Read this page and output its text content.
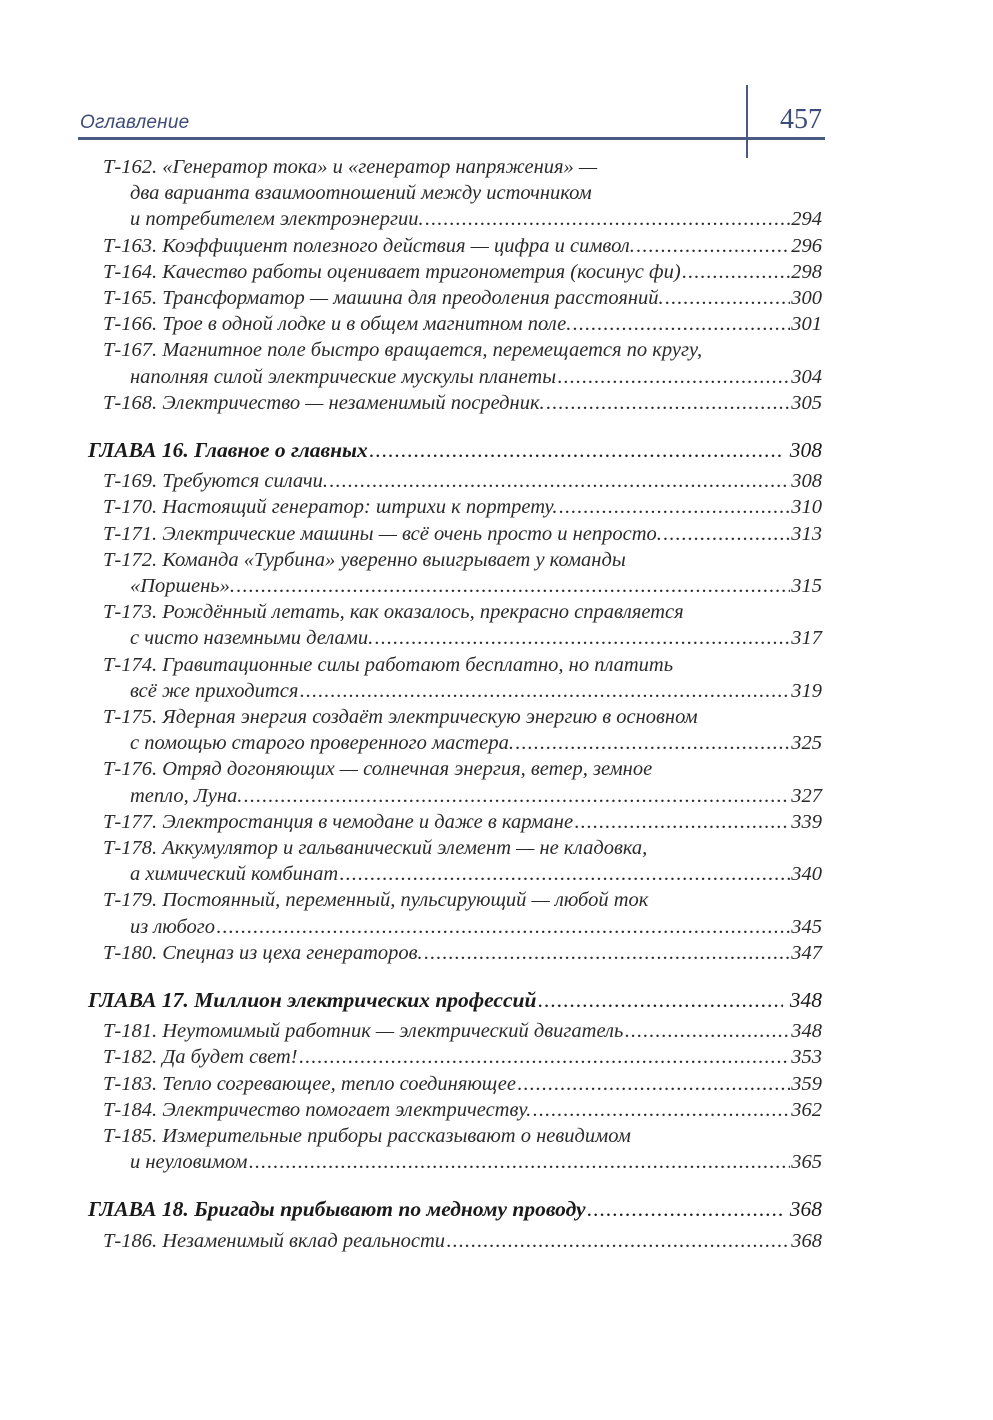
Оглавление	457
Т-162. «Генератор тока» и «генератор напряжения» —
два варианта взаимоотношений между источником
и потребителем электроэнергии. .....	294
Т-163. Коэффициент полезного действия — цифра и символ. .....	296
Т-164. Качество работы оценивает тригонометрия (косинус фи) .....	298
Т-165. Трансформатор — машина для преодоления расстояний. .....	300
Т-166. Трое в одной лодке и в общем магнитном поле. .....	301
Т-167. Магнитное поле быстро вращается, перемещается по кругу,
наполняя силой электрические мускулы планеты .....	304
Т-168. Электричество — незаменимый посредник. .....	305
ГЛАВА 16. Главное о главных .....	308
Т-169. Требуются силачи. .....	308
Т-170. Настоящий генератор: штрихи к портрету. .....	310
Т-171. Электрические машины — всё очень просто и непросто. .....	313
Т-172. Команда «Турбина» уверенно выигрывает у команды
«Поршень». .....	315
Т-173. Рождённый летать, как оказалось, прекрасно справляется
с чисто наземными делами. .....	317
Т-174. Гравитационные силы работают бесплатно, но платить
всё же приходится .....	319
Т-175. Ядерная энергия создаёт электрическую энергию в основном
с помощью старого проверенного мастера. .....	325
Т-176. Отряд догоняющих — солнечная энергия, ветер, земное
тепло, Луна. .....	327
Т-177. Электростанция в чемодане и даже в кармане .....	339
Т-178. Аккумулятор и гальванический элемент — не кладовка,
а химический комбинат .....	340
Т-179. Постоянный, переменный, пульсирующий — любой ток
из любого .....	345
Т-180. Спецназ из цеха генераторов. .....	347
ГЛАВА 17. Миллион электрических профессий .....	348
Т-181. Неутомимый работник — электрический двигатель .....	348
Т-182. Да будет свет! .....	353
Т-183. Тепло согревающее, тепло соединяющее .....	359
Т-184. Электричество помогает электричеству. .....	362
Т-185. Измерительные приборы рассказывают о невидимом
и неуловимом .....	365
ГЛАВА 18. Бригады прибывают по медному проводу .....	368
Т-186. Незаменимый вклад реальности .....	368
